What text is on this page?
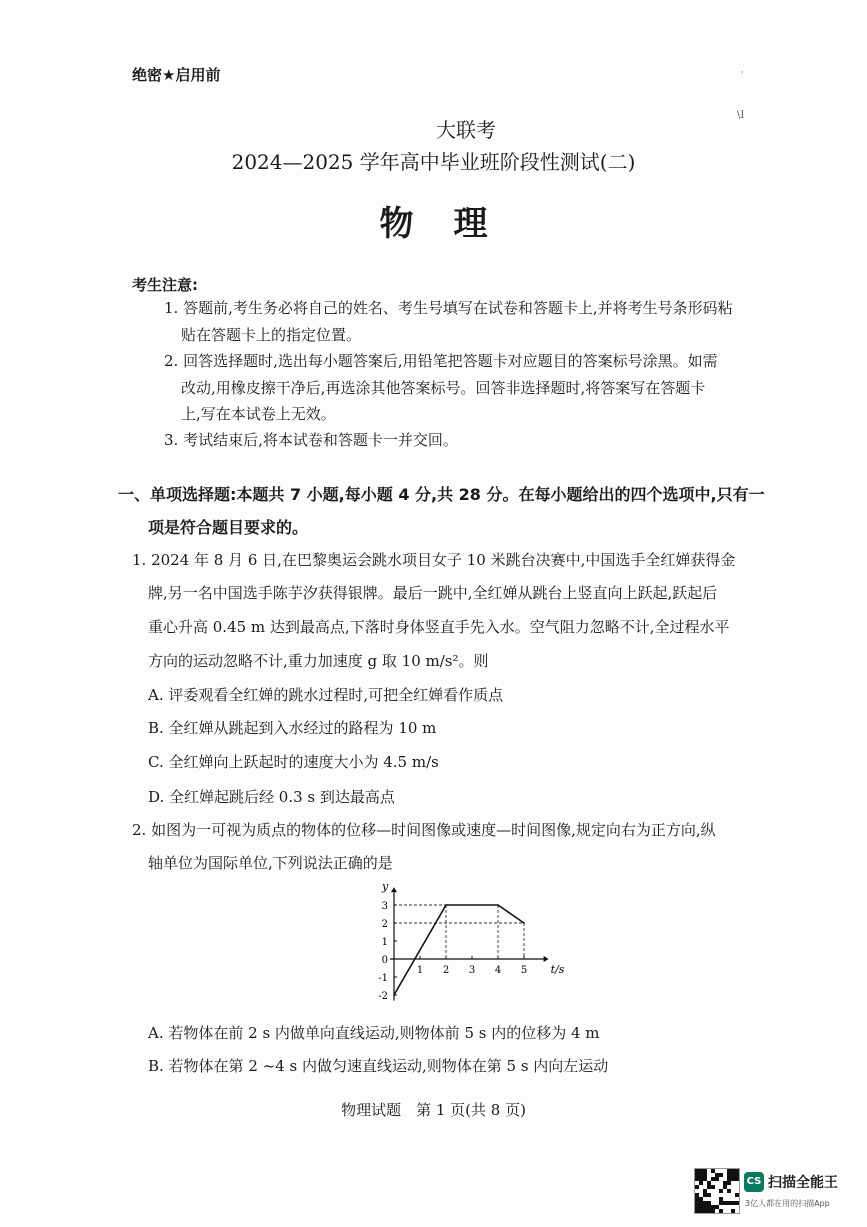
绝密★启用前	'
\I
大联考
2024—2025 学年高中毕业班阶段性测试(二)
物理
考生注意:
1. 答题前,考生务必将自己的姓名、考生号填写在试卷和答题卡上,并将考生号条形码粘
贴在答题卡上的指定位置。
2. 回答选择题时,选出每小题答案后,用铅笔把答题卡对应题目的答案标号涂黑。如需
改动,用橡皮擦干净后,再选涂其他答案标号。回答非选择题时,将答案写在答题卡
上,写在本试卷上无效。
3. 考试结束后,将本试卷和答题卡一并交回。
一、单项选择题:本题共 7 小题,每小题 4 分,共 28 分。在每小题给出的四个选项中,只有一
项是符合题目要求的。
1. 2024 年 8 月 6 日,在巴黎奥运会跳水项目女子 10 米跳台决赛中,中国选手全红婵获得金
牌,另一名中国选手陈芋汐获得银牌。最后一跳中,全红婵从跳台上竖直向上跃起,跃起后
重心升高 0.45 m 达到最高点,下落时身体竖直手先入水。空气阻力忽略不计,全过程水平
方向的运动忽略不计,重力加速度 g 取 10 m/s²。则
A. 评委观看全红婵的跳水过程时,可把全红婵看作质点
B. 全红婵从跳起到入水经过的路程为 10 m
C. 全红婵向上跃起时的速度大小为 4.5 m/s
D. 全红婵起跳后经 0.3 s 到达最高点
2. 如图为一可视为质点的物体的位移—时间图像或速度—时间图像,规定向右为正方向,纵
轴单位为国际单位,下列说法正确的是
1 2 3 4 5
3
2
1
0
-1
-2
y
t/s
A. 若物体在前 2 s 内做单向直线运动,则物体前 5 s 内的位移为 4 m
B. 若物体在第 2 ~4 s 内做匀速直线运动,则物体在第 5 s 内向左运动
物理试题　第 1 页(共 8 页)
CS 扫描全能王
3亿人都在用的扫描App
